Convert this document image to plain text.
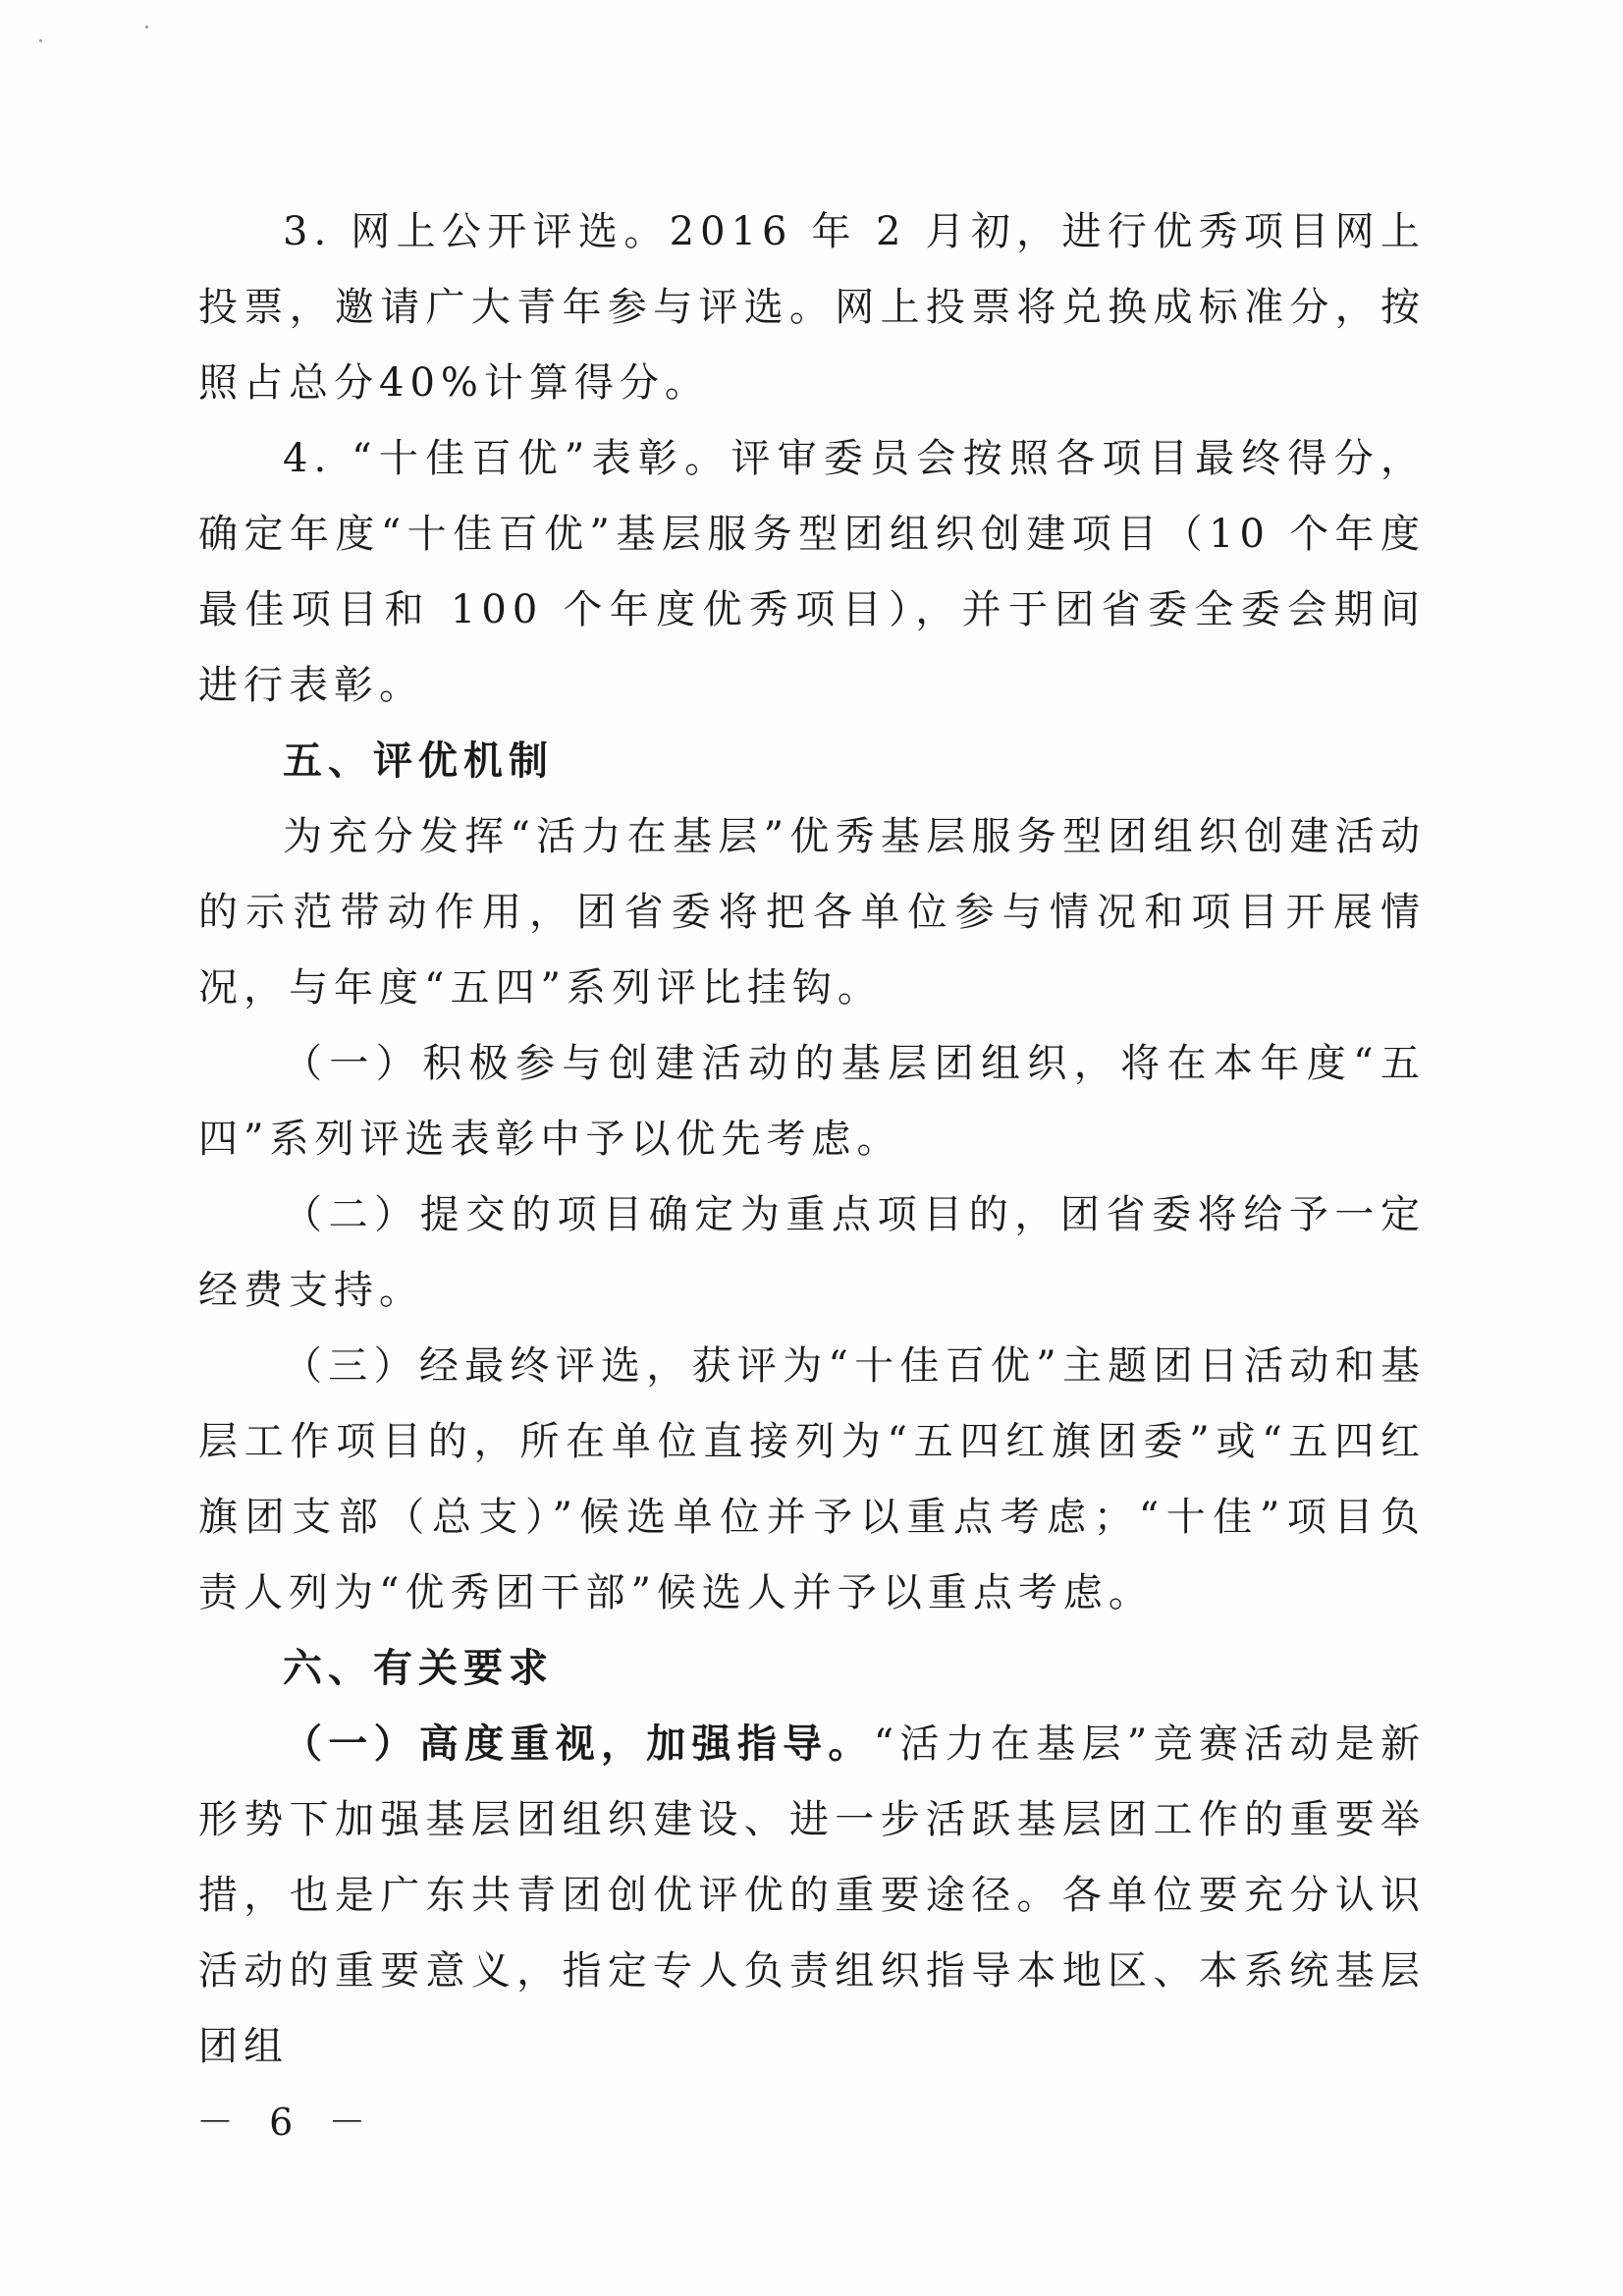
3. 网上公开评选。2016 年 2 月初，进行优秀项目网上投票，邀请广大青年参与评选。网上投票将兑换成标准分，按照占总分40%计算得分。

4. “十佳百优”表彰。评审委员会按照各项目最终得分，确定年度“十佳百优”基层服务型团组织创建项目（10 个年度最佳项目和 100 个年度优秀项目），并于团省委全委会期间进行表彰。

五、评优机制

为充分发挥“活力在基层”优秀基层服务型团组织创建活动的示范带动作用，团省委将把各单位参与情况和项目开展情况，与年度“五四”系列评比挂钩。

（一）积极参与创建活动的基层团组织，将在本年度“五四”系列评选表彰中予以优先考虑。

（二）提交的项目确定为重点项目的，团省委将给予一定经费支持。

（三）经最终评选，获评为“十佳百优”主题团日活动和基层工作项目的，所在单位直接列为“五四红旗团委”或“五四红旗团支部（总支）”候选单位并予以重点考虑；“十佳”项目负责人列为“优秀团干部”候选人并予以重点考虑。

六、有关要求

（一）高度重视，加强指导。“活力在基层”竞赛活动是新形势下加强基层团组织建设、进一步活跃基层团工作的重要举措，也是广东共青团创优评优的重要途径。各单位要充分认识活动的重要意义，指定专人负责组织指导本地区、本系统基层团组

－ 6 －
